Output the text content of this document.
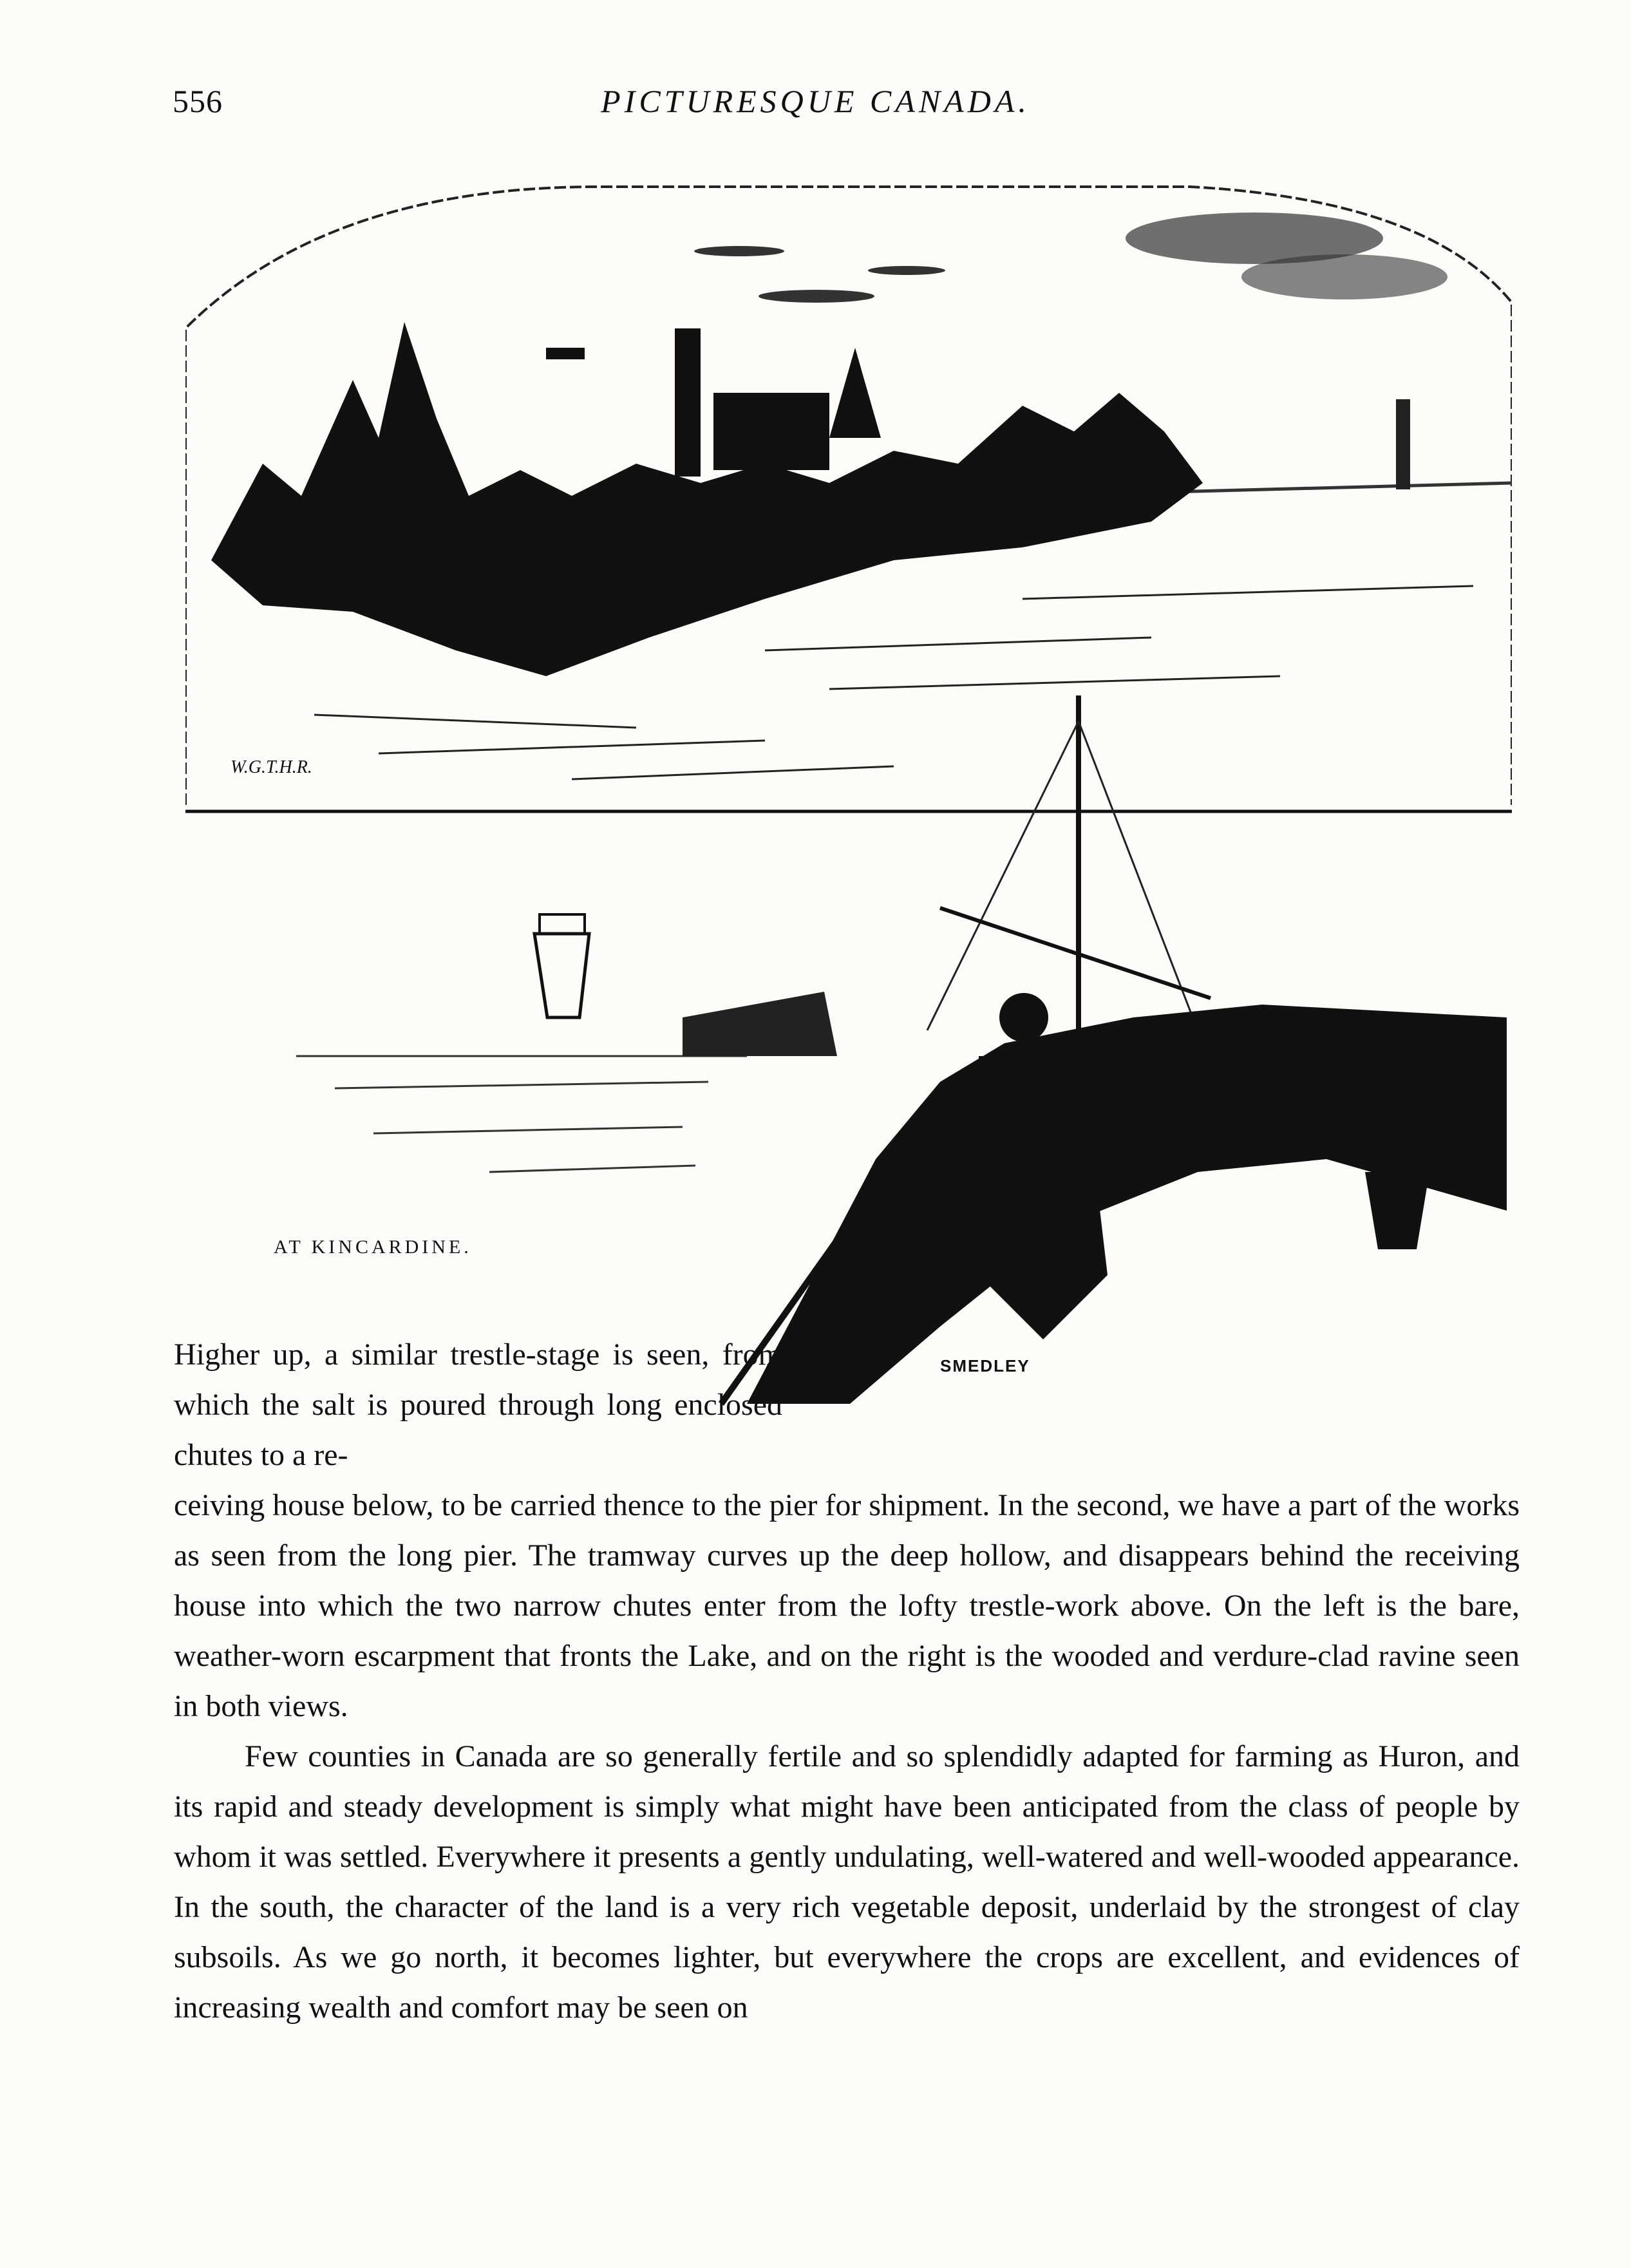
556	PICTURESQUE CANADA.
W.G.T.H.R.
SMEDLEY
AT KINCARDINE.

Higher up, a similar trestle-stage is seen, from which the salt is poured through long enclosed chutes to a re-

ceiving house below, to be carried thence to the pier for shipment. In the second, we have a part of the works as seen from the long pier. The tramway curves up the deep hollow, and disappears behind the receiving house into which the two narrow chutes enter from the lofty trestle-work above. On the left is the bare, weather-worn escarpment that fronts the Lake, and on the right is the wooded and verdure-clad ravine seen in both views.

Few counties in Canada are so generally fertile and so splendidly adapted for farming as Huron, and its rapid and steady development is simply what might have been anticipated from the class of people by whom it was settled. Everywhere it presents a gently undulating, well-watered and well-wooded appearance. In the south, the character of the land is a very rich vegetable deposit, underlaid by the strongest of clay subsoils. As we go north, it becomes lighter, but everywhere the crops are excellent, and evidences of increasing wealth and comfort may be seen on
